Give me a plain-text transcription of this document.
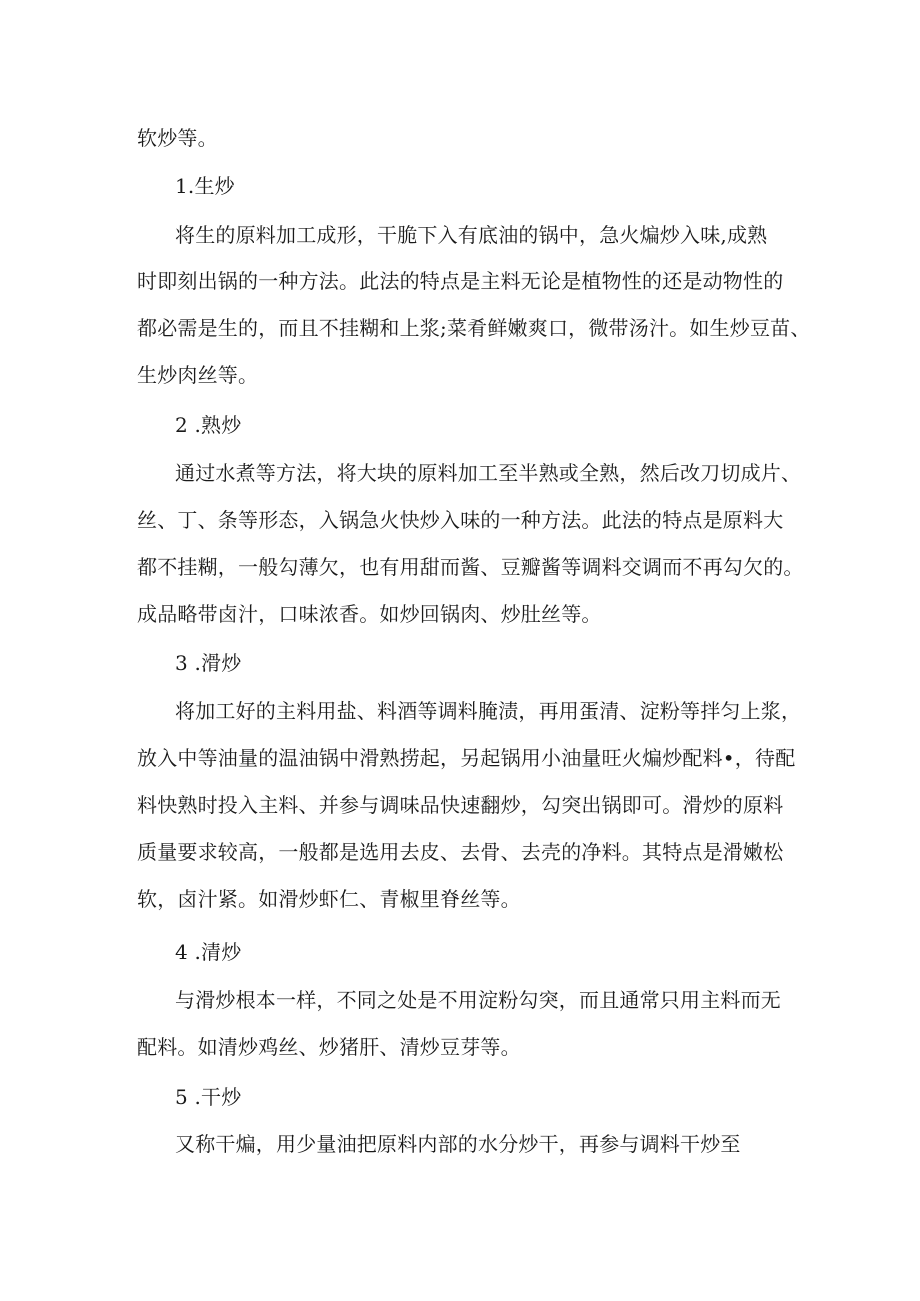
软炒等。
1.生炒
将生的原料加工成形，干脆下入有底油的锅中，急火煸炒入味,成熟
时即刻出锅的一种方法。此法的特点是主料无论是植物性的还是动物性的
都必需是生的，而且不挂糊和上浆;菜肴鲜嫩爽口，微带汤汁。如生炒豆苗、
生炒肉丝等。
2 .熟炒
通过水煮等方法，将大块的原料加工至半熟或全熟，然后改刀切成片、
丝、丁、条等形态，入锅急火快炒入味的一种方法。此法的特点是原料大
都不挂糊，一般勾薄欠，也有用甜而酱、豆瓣酱等调料交调而不再勾欠的。
成品略带卤汁，口味浓香。如炒回锅肉、炒肚丝等。
3 .滑炒
将加工好的主料用盐、料酒等调料腌渍，再用蛋清、淀粉等拌匀上浆，
放入中等油量的温油锅中滑熟捞起，另起锅用小油量旺火煸炒配料•，待配
料快熟时投入主料、并参与调味品快速翻炒，勾突出锅即可。滑炒的原料
质量要求较高，一般都是选用去皮、去骨、去壳的净料。其特点是滑嫩松
软，卤汁紧。如滑炒虾仁、青椒里脊丝等。
4 .清炒
与滑炒根本一样，不同之处是不用淀粉勾突，而且通常只用主料而无
配料。如清炒鸡丝、炒猪肝、清炒豆芽等。
5 .干炒
又称干煸，用少量油把原料内部的水分炒干，再参与调料干炒至
